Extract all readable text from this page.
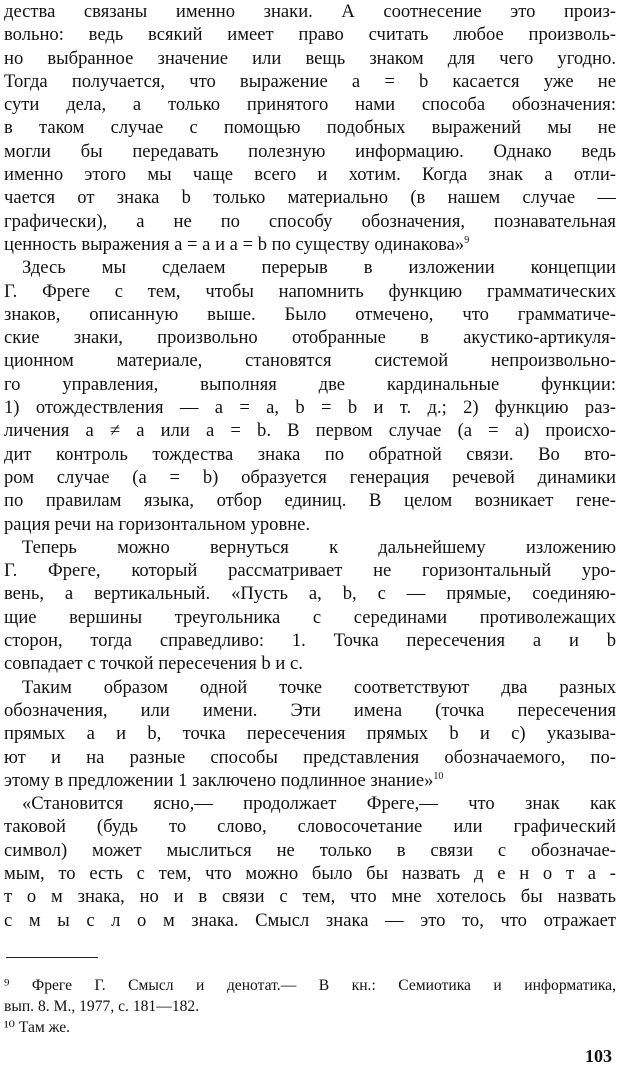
дества связаны именно знаки. А соотнесение это произ-
вольно: ведь всякий имеет право считать любое произволь-
но выбранное значение или вещь знаком для чего угодно.
Тогда получается, что выражение a = b касается уже не
сути дела, а только принятого нами способа обозначения:
в таком случае с помощью подобных выражений мы не
могли бы передавать полезную информацию. Однако ведь
именно этого мы чаще всего и хотим. Когда знак a отли-
чается от знака b только материально (в нашем случае —
графически), а не по способу обозначения, познавательная
ценность выражения a = a и a = b по существу одинакова»$^9$
Здесь мы сделаем перерыв в изложении концепции
Г. Фреге с тем, чтобы напомнить функцию грамматических
знаков, описанную выше. Было отмечено, что грамматиче-
ские знаки, произвольно отобранные в акустико-артикуля-
ционном материале, становятся системой непроизвольно-
го управления, выполняя две кардинальные функции:
1) отождествления — a = a, b = b и т. д.; 2) функцию раз-
личения a ≠ a или a = b. В первом случае (a = a) происхо-
дит контроль тождества знака по обратной связи. Во вто-
ром случае (a = b) образуется генерация речевой динамики
по правилам языка, отбор единиц. В целом возникает гене-
рация речи на горизонтальном уровне.
Теперь можно вернуться к дальнейшему изложению
Г. Фреге, который рассматривает не горизонтальный уро-
вень, а вертикальный. «Пусть a, b, c — прямые, соединяю-
щие вершины треугольника с серединами противолежащих
сторон, тогда справедливо: 1. Точка пересечения a и b
совпадает с точкой пересечения b и c.
Таким образом одной точке соответствуют два разных
обозначения, или имени. Эти имена (точка пересечения
прямых a и b, точка пересечения прямых b и c) указыва-
ют и на разные способы представления обозначаемого, по-
этому в предложении 1 заключено подлинное знание»$^{10}$
«Становится ясно,— продолжает Фреге,— что знак как
таковой (будь то слово, словосочетание или графический
символ) может мыслиться не только в связи с обозначае-
мым, то есть с тем, что можно было бы назвать д е н о т а -
т о м знака, но и в связи с тем, что мне хотелось бы назвать
с м ы с л о м знака. Смысл знака — это то, что отражает
⁹ Фреге Г. Смысл и денотат.— В кн.: Семиотика и информатика,
вып. 8. М., 1977, с. 181—182.
¹⁰ Там же.
103
